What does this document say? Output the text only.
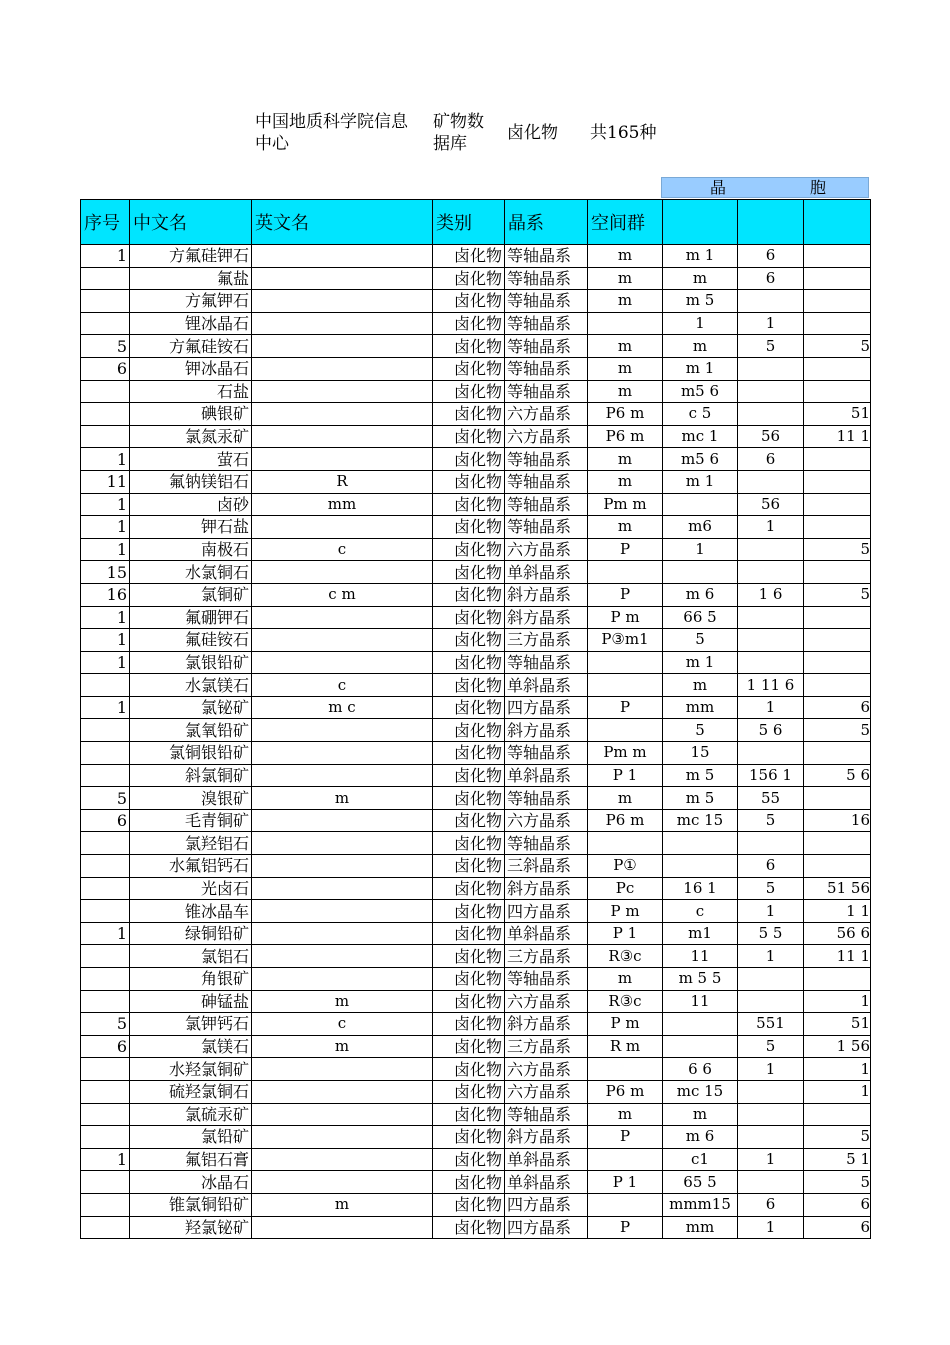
中国地质科学院信息
中心
矿物数
据库
卤化物 共165种
晶	胞
序号	中文名	英文名	类别	晶系	空间群			
1	方氟硅钾石		卤化物	等轴晶系	m	m 1	6	
	氟盐		卤化物	等轴晶系	m	m	6	
	方氟钾石		卤化物	等轴晶系	m	m 5		
	锂冰晶石		卤化物	等轴晶系		1	1	
5	方氟硅铵石		卤化物	等轴晶系	m	m	5	5
6	钾冰晶石		卤化物	等轴晶系	m	m 1		
	石盐		卤化物	等轴晶系	m	m5 6		
	碘银矿		卤化物	六方晶系	P6 m	c 5		51
	氯氮汞矿		卤化物	六方晶系	P6 m	mc 1	56	11 1
1	萤石		卤化物	等轴晶系	m	m5 6	6	
11	氟钠镁铝石	R	卤化物	等轴晶系	m	m 1		
1	卤砂	mm	卤化物	等轴晶系	Pm m		56	
1	钾石盐		卤化物	等轴晶系	m	m6	1	
1	南极石	c	卤化物	六方晶系	P	1		5
15	水氯铜石		卤化物	单斜晶系				
16	氯铜矿	c m	卤化物	斜方晶系	P	m 6	1 6	5
1	氟硼钾石		卤化物	斜方晶系	P m	66 5		
1	氟硅铵石		卤化物	三方晶系	P③m1	5		
1	氯银铅矿		卤化物	等轴晶系		m 1		
	水氯镁石	c	卤化物	单斜晶系		m	1 11 6	
1	氯铋矿	m c	卤化物	四方晶系	P	mm	1	6
	氯氧铅矿		卤化物	斜方晶系		5	5 6	5
	氯铜银铅矿		卤化物	等轴晶系	Pm m	15		
	斜氯铜矿		卤化物	单斜晶系	P 1	m 5	156 1	5 6
5	溴银矿	m	卤化物	等轴晶系	m	m 5	55	
6	毛青铜矿		卤化物	六方晶系	P6 m	mc 15	5	16
	氯羟铝石		卤化物	等轴晶系				
	水氟铝钙石		卤化物	三斜晶系	P①		6	
	光卤石		卤化物	斜方晶系	Pc	16 1	5	51 56
	锥冰晶车		卤化物	四方晶系	P m	c	1	1 1
1	绿铜铅矿		卤化物	单斜晶系	P 1	m1	5 5	56 6
	氯铝石		卤化物	三方晶系	R③c	11	1	11 1
	角银矿		卤化物	等轴晶系	m	m 5 5		
	砷锰盐	m	卤化物	六方晶系	R③c	11		1
5	氯钾钙石	c	卤化物	斜方晶系	P m		551	51
6	氯镁石	m	卤化物	三方晶系	R m		5	1 56
	水羟氯铜矿		卤化物	六方晶系		6 6	1	1
	硫羟氯铜石		卤化物	六方晶系	P6 m	mc 15		1
	氯硫汞矿		卤化物	等轴晶系	m	m		
	氯铅矿		卤化物	斜方晶系	P	m 6		5
1	氟铝石膏		卤化物	单斜晶系		c1	1	5 1
	冰晶石		卤化物	单斜晶系	P 1	65 5		5
	锥氯铜铅矿	m	卤化物	四方晶系		mmm15	6	6
	羟氯铋矿		卤化物	四方晶系	P	mm	1	6
